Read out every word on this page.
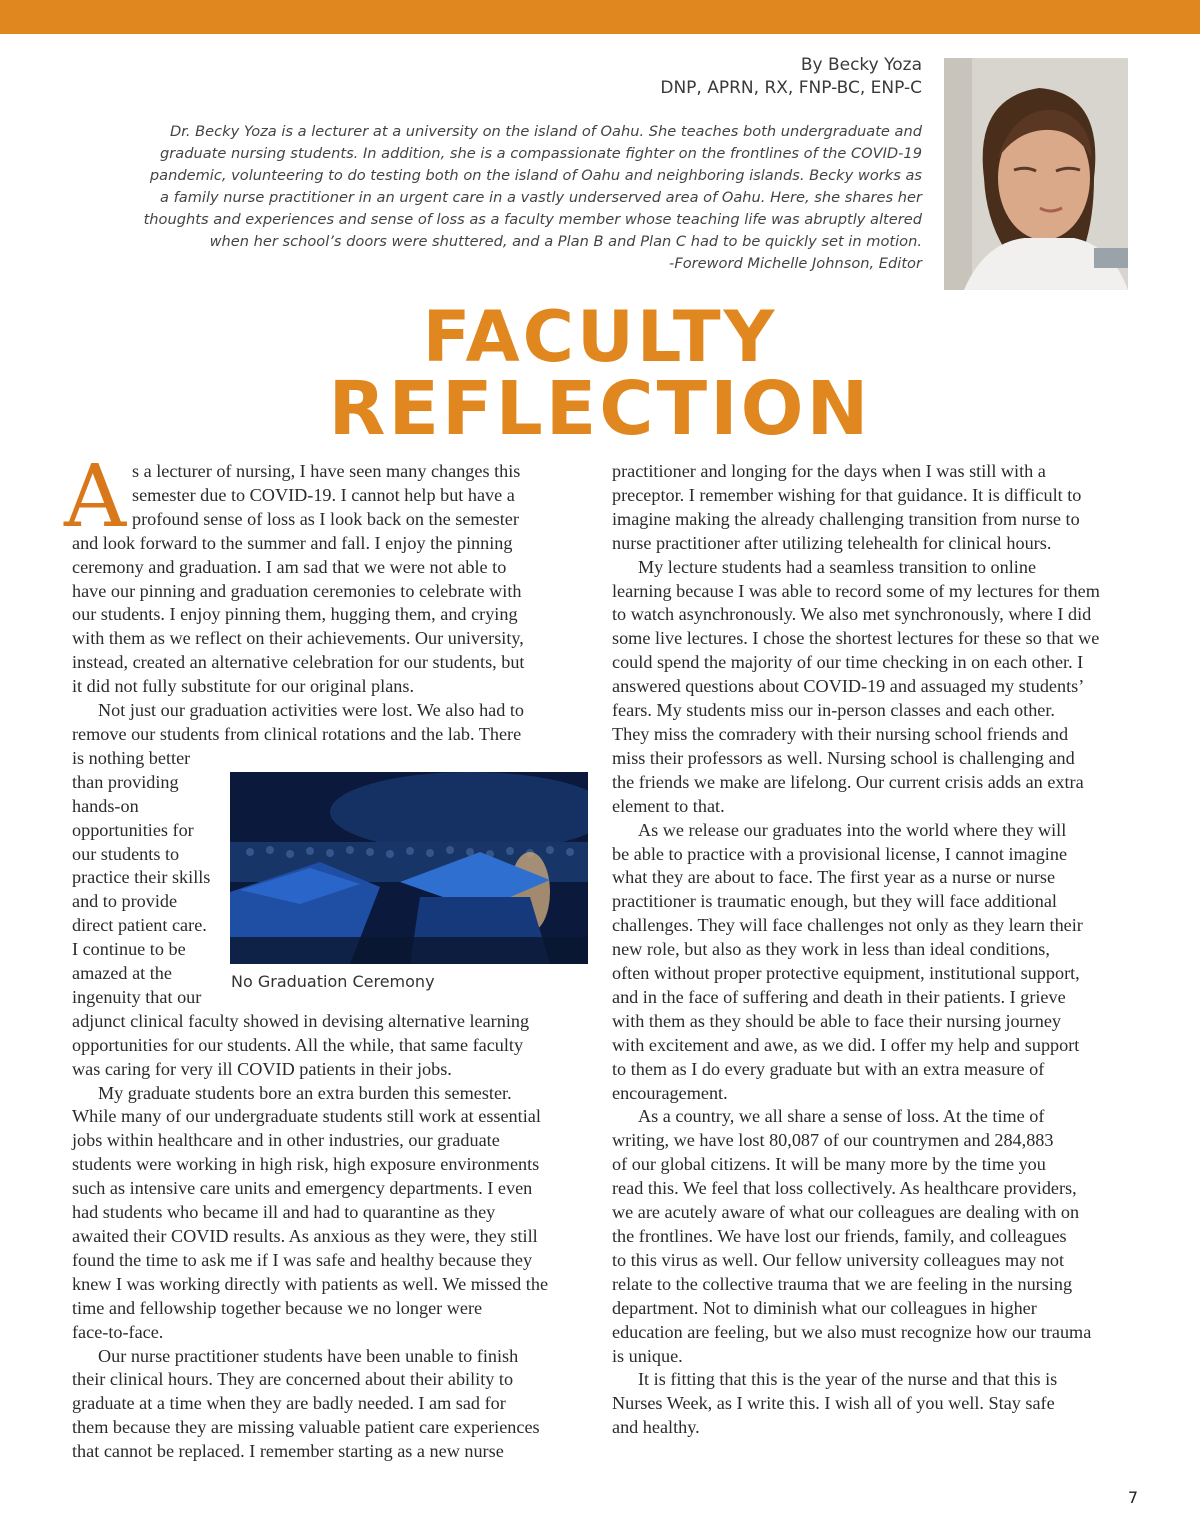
By Becky Yoza

DNP, APRN, RX, FNP-BC, ENP-C

Dr. Becky Yoza is a lecturer at a university on the island of Oahu. She teaches both undergraduate and

graduate nursing students. In addition, she is a compassionate fighter on the frontlines of the COVID-19

pandemic, volunteering to do testing both on the island of Oahu and neighboring islands. Becky works as

a family nurse practitioner in an urgent care in a vastly underserved area of Oahu. Here, she shares her

thoughts and experiences and sense of loss as a faculty member whose teaching life was abruptly altered

when her school’s doors were shuttered, and a Plan B and Plan C had to be quickly set in motion.

-Foreword Michelle Johnson, Editor

FACULTY
REFLECTION
A s a lecturer of nursing, I have seen many changes this

semester due to COVID-19. I cannot help but have a

profound sense of loss as I look back on the semester

and look forward to the summer and fall. I enjoy the pinning

ceremony and graduation. I am sad that we were not able to

have our pinning and graduation ceremonies to celebrate with

our students. I enjoy pinning them, hugging them, and crying

with them as we reflect on their achievements. Our university,

instead, created an alternative celebration for our students, but

it did not fully substitute for our original plans.

Not just our graduation activities were lost. We also had to

remove our students from clinical rotations and the lab. There

is nothing better

than providing

hands-on

opportunities for

our students to

practice their skills

and to provide

direct patient care.

I continue to be

amazed at the

ingenuity that our

adjunct clinical faculty showed in devising alternative learning

opportunities for our students. All the while, that same faculty

was caring for very ill COVID patients in their jobs.

My graduate students bore an extra burden this semester.

While many of our undergraduate students still work at essential

jobs within healthcare and in other industries, our graduate

students were working in high risk, high exposure environments

such as intensive care units and emergency departments. I even

had students who became ill and had to quarantine as they

awaited their COVID results. As anxious as they were, they still

found the time to ask me if I was safe and healthy because they

knew I was working directly with patients as well. We missed the

time and fellowship together because we no longer were

face-to-face.

Our nurse practitioner students have been unable to finish

their clinical hours. They are concerned about their ability to

graduate at a time when they are badly needed. I am sad for

them because they are missing valuable patient care experiences

that cannot be replaced. I remember starting as a new nurse

No Graduation Ceremony

practitioner and longing for the days when I was still with a

preceptor. I remember wishing for that guidance. It is difficult to

imagine making the already challenging transition from nurse to

nurse practitioner after utilizing telehealth for clinical hours.

My lecture students had a seamless transition to online

learning because I was able to record some of my lectures for them

to watch asynchronously. We also met synchronously, where I did

some live lectures. I chose the shortest lectures for these so that we

could spend the majority of our time checking in on each other. I

answered questions about COVID-19 and assuaged my students’

fears. My students miss our in-person classes and each other.

They miss the comradery with their nursing school friends and

miss their professors as well. Nursing school is challenging and

the friends we make are lifelong. Our current crisis adds an extra

element to that.

As we release our graduates into the world where they will

be able to practice with a provisional license, I cannot imagine

what they are about to face. The first year as a nurse or nurse

practitioner is traumatic enough, but they will face additional

challenges. They will face challenges not only as they learn their

new role, but also as they work in less than ideal conditions,

often without proper protective equipment, institutional support,

and in the face of suffering and death in their patients. I grieve

with them as they should be able to face their nursing journey

with excitement and awe, as we did. I offer my help and support

to them as I do every graduate but with an extra measure of

encouragement.

As a country, we all share a sense of loss. At the time of

writing, we have lost 80,087 of our countrymen and 284,883

of our global citizens. It will be many more by the time you

read this. We feel that loss collectively. As healthcare providers,

we are acutely aware of what our colleagues are dealing with on

the frontlines. We have lost our friends, family, and colleagues

to this virus as well. Our fellow university colleagues may not

relate to the collective trauma that we are feeling in the nursing

department. Not to diminish what our colleagues in higher

education are feeling, but we also must recognize how our trauma

is unique.

It is fitting that this is the year of the nurse and that this is

Nurses Week, as I write this. I wish all of you well. Stay safe

and healthy.

7
